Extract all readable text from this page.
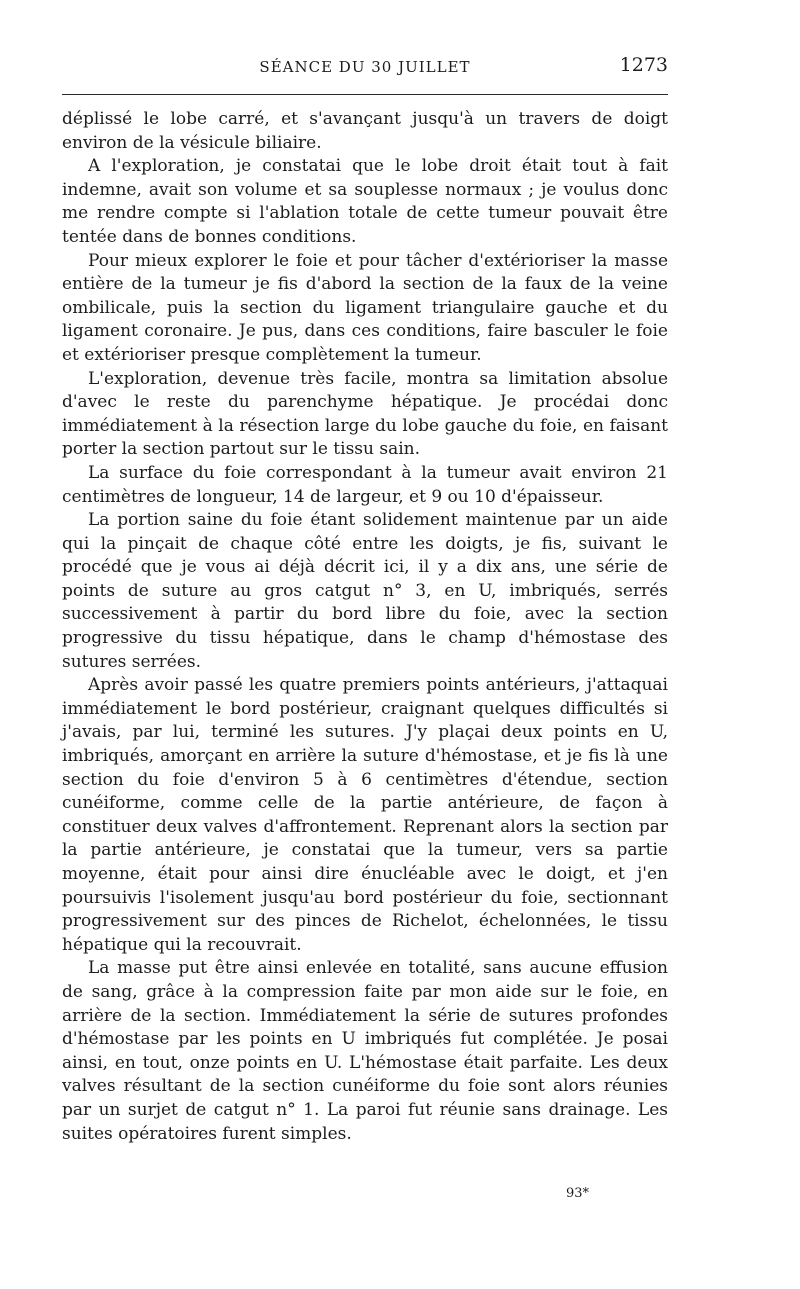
SÉANCE DU 30 JUILLET	1273

déplissé le lobe carré, et s'avançant jusqu'à un travers de doigt environ de la vésicule biliaire.

A l'exploration, je constatai que le lobe droit était tout à fait indemne, avait son volume et sa souplesse normaux ; je voulus donc me rendre compte si l'ablation totale de cette tumeur pouvait être tentée dans de bonnes conditions.

Pour mieux explorer le foie et pour tâcher d'extérioriser la masse entière de la tumeur je fis d'abord la section de la faux de la veine ombilicale, puis la section du ligament triangulaire gauche et du ligament coronaire. Je pus, dans ces conditions, faire basculer le foie et extérioriser presque complètement la tumeur.

L'exploration, devenue très facile, montra sa limitation absolue d'avec le reste du parenchyme hépatique. Je procédai donc immédiatement à la résection large du lobe gauche du foie, en faisant porter la section partout sur le tissu sain.

La surface du foie correspondant à la tumeur avait environ 21 centimètres de longueur, 14 de largeur, et 9 ou 10 d'épaisseur.

La portion saine du foie étant solidement maintenue par un aide qui la pinçait de chaque côté entre les doigts, je fis, suivant le procédé que je vous ai déjà décrit ici, il y a dix ans, une série de points de suture au gros catgut n° 3, en U, imbriqués, serrés successivement à partir du bord libre du foie, avec la section progressive du tissu hépatique, dans le champ d'hémostase des sutures serrées.

Après avoir passé les quatre premiers points antérieurs, j'attaquai immédiatement le bord postérieur, craignant quelques difficultés si j'avais, par lui, terminé les sutures. J'y plaçai deux points en U, imbriqués, amorçant en arrière la suture d'hémostase, et je fis là une section du foie d'environ 5 à 6 centimètres d'étendue, section cunéiforme, comme celle de la partie antérieure, de façon à constituer deux valves d'affrontement. Reprenant alors la section par la partie antérieure, je constatai que la tumeur, vers sa partie moyenne, était pour ainsi dire énucléable avec le doigt, et j'en poursuivis l'isolement jusqu'au bord postérieur du foie, sectionnant progressivement sur des pinces de Richelot, échelonnées, le tissu hépatique qui la recouvrait.

La masse put être ainsi enlevée en totalité, sans aucune effusion de sang, grâce à la compression faite par mon aide sur le foie, en arrière de la section. Immédiatement la série de sutures profondes d'hémostase par les points en U imbriqués fut complétée. Je posai ainsi, en tout, onze points en U. L'hémostase était parfaite. Les deux valves résultant de la section cunéiforme du foie sont alors réunies par un surjet de catgut n° 1. La paroi fut réunie sans drainage. Les suites opératoires furent simples.

93*
